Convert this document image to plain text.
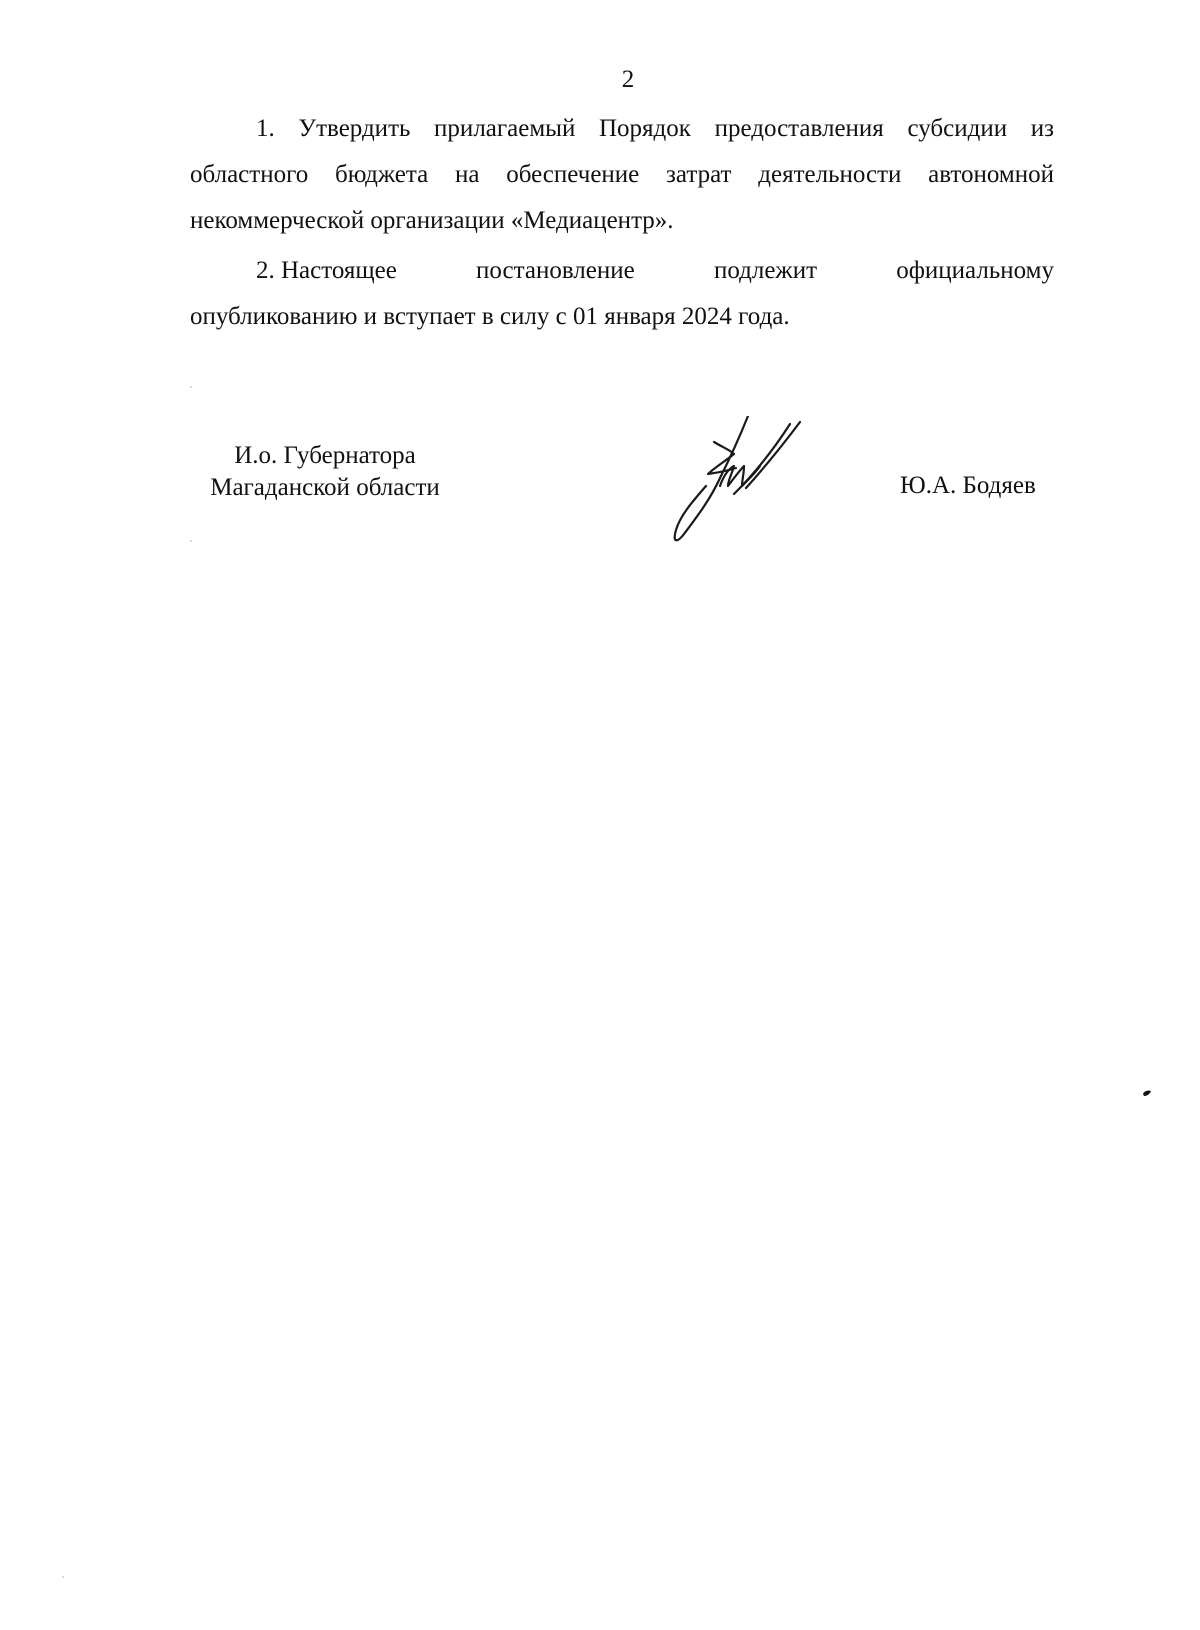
2

1. Утвердить прилагаемый Порядок предоставления субсидии из областного бюджета на обеспечение затрат деятельности автономной некоммерческой организации «Медиацентр».

2. Настоящее	постановление	подлежит	официальному
опубликованию и вступает в силу с 01 января 2024 года.
И.о. Губернатора
Магаданской области	Ю.А. Бодяев
